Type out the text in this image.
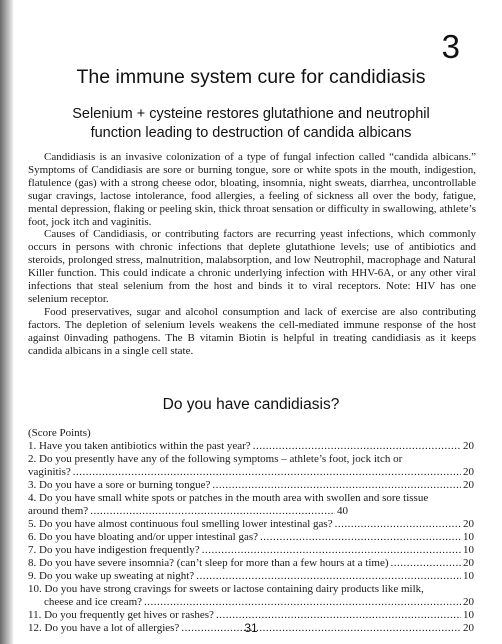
3
The immune system cure for candidiasis
Selenium + cysteine restores glutathione and neutrophil
function leading to destruction of candida albicans

Candidiasis is an invasive colonization of a type of fungal infection called “candida albicans.” Symptoms of Candidiasis are sore or burning tongue, sore or white spots in the mouth, indigestion, flatulence (gas) with a strong cheese odor, bloating, insomnia, night sweats, diarrhea, uncontrollable sugar cravings, lactose intolerance, food allergies, a feeling of sickness all over the body, fatigue, mental depression, flaking or peeling skin, thick throat sensation or difficulty in swallowing, athlete’s foot, jock itch and vaginitis.

Causes of Candidiasis, or contributing factors are recurring yeast infections, which commonly occurs in persons with chronic infections that deplete glutathione levels; use of antibiotics and steroids, prolonged stress, malnutrition, malabsorption, and low Neutrophil, macrophage and Natural Killer function. This could indicate a chronic underlying infection with HHV-6A, or any other viral infections that steal selenium from the host and binds it to viral receptors. Note: HIV has one selenium receptor.

Food preservatives, sugar and alcohol consumption and lack of exercise are also contributing factors. The depletion of selenium levels weakens the cell-mediated immune response of the host against 0invading pathogens. The B vitamin Biotin is helpful in treating candidiasis as it keeps candida albicans in a single cell state.

Do you have candidiasis?

(Score Points)

1. Have you taken antibiotics within the past year? .....	20

2. Do you presently have any of the following symptoms – athlete’s foot, jock itch or

vaginitis? .....	20
3. Do you have a sore or burning tongue? .....	20

4. Do you have small white spots or patches in the mouth area with swollen and sore tissue

around them? .....	40
5. Do you have almost continuous foul smelling lower intestinal gas? .....	20
6. Do you have bloating and/or upper intestinal gas? .....	10
7. Do you have indigestion frequently? .....	10
8. Do you have severe insomnia? (can’t sleep for more than a few hours at a time) .....	20
9. Do you wake up sweating at night? .....	10

10. Do you have strong cravings for sweets or lactose containing dairy products like milk,

cheese and ice cream? .....	20
11. Do you frequently get hives or rashes? .....	10
12. Do you have a lot of allergies? .....	20
31
